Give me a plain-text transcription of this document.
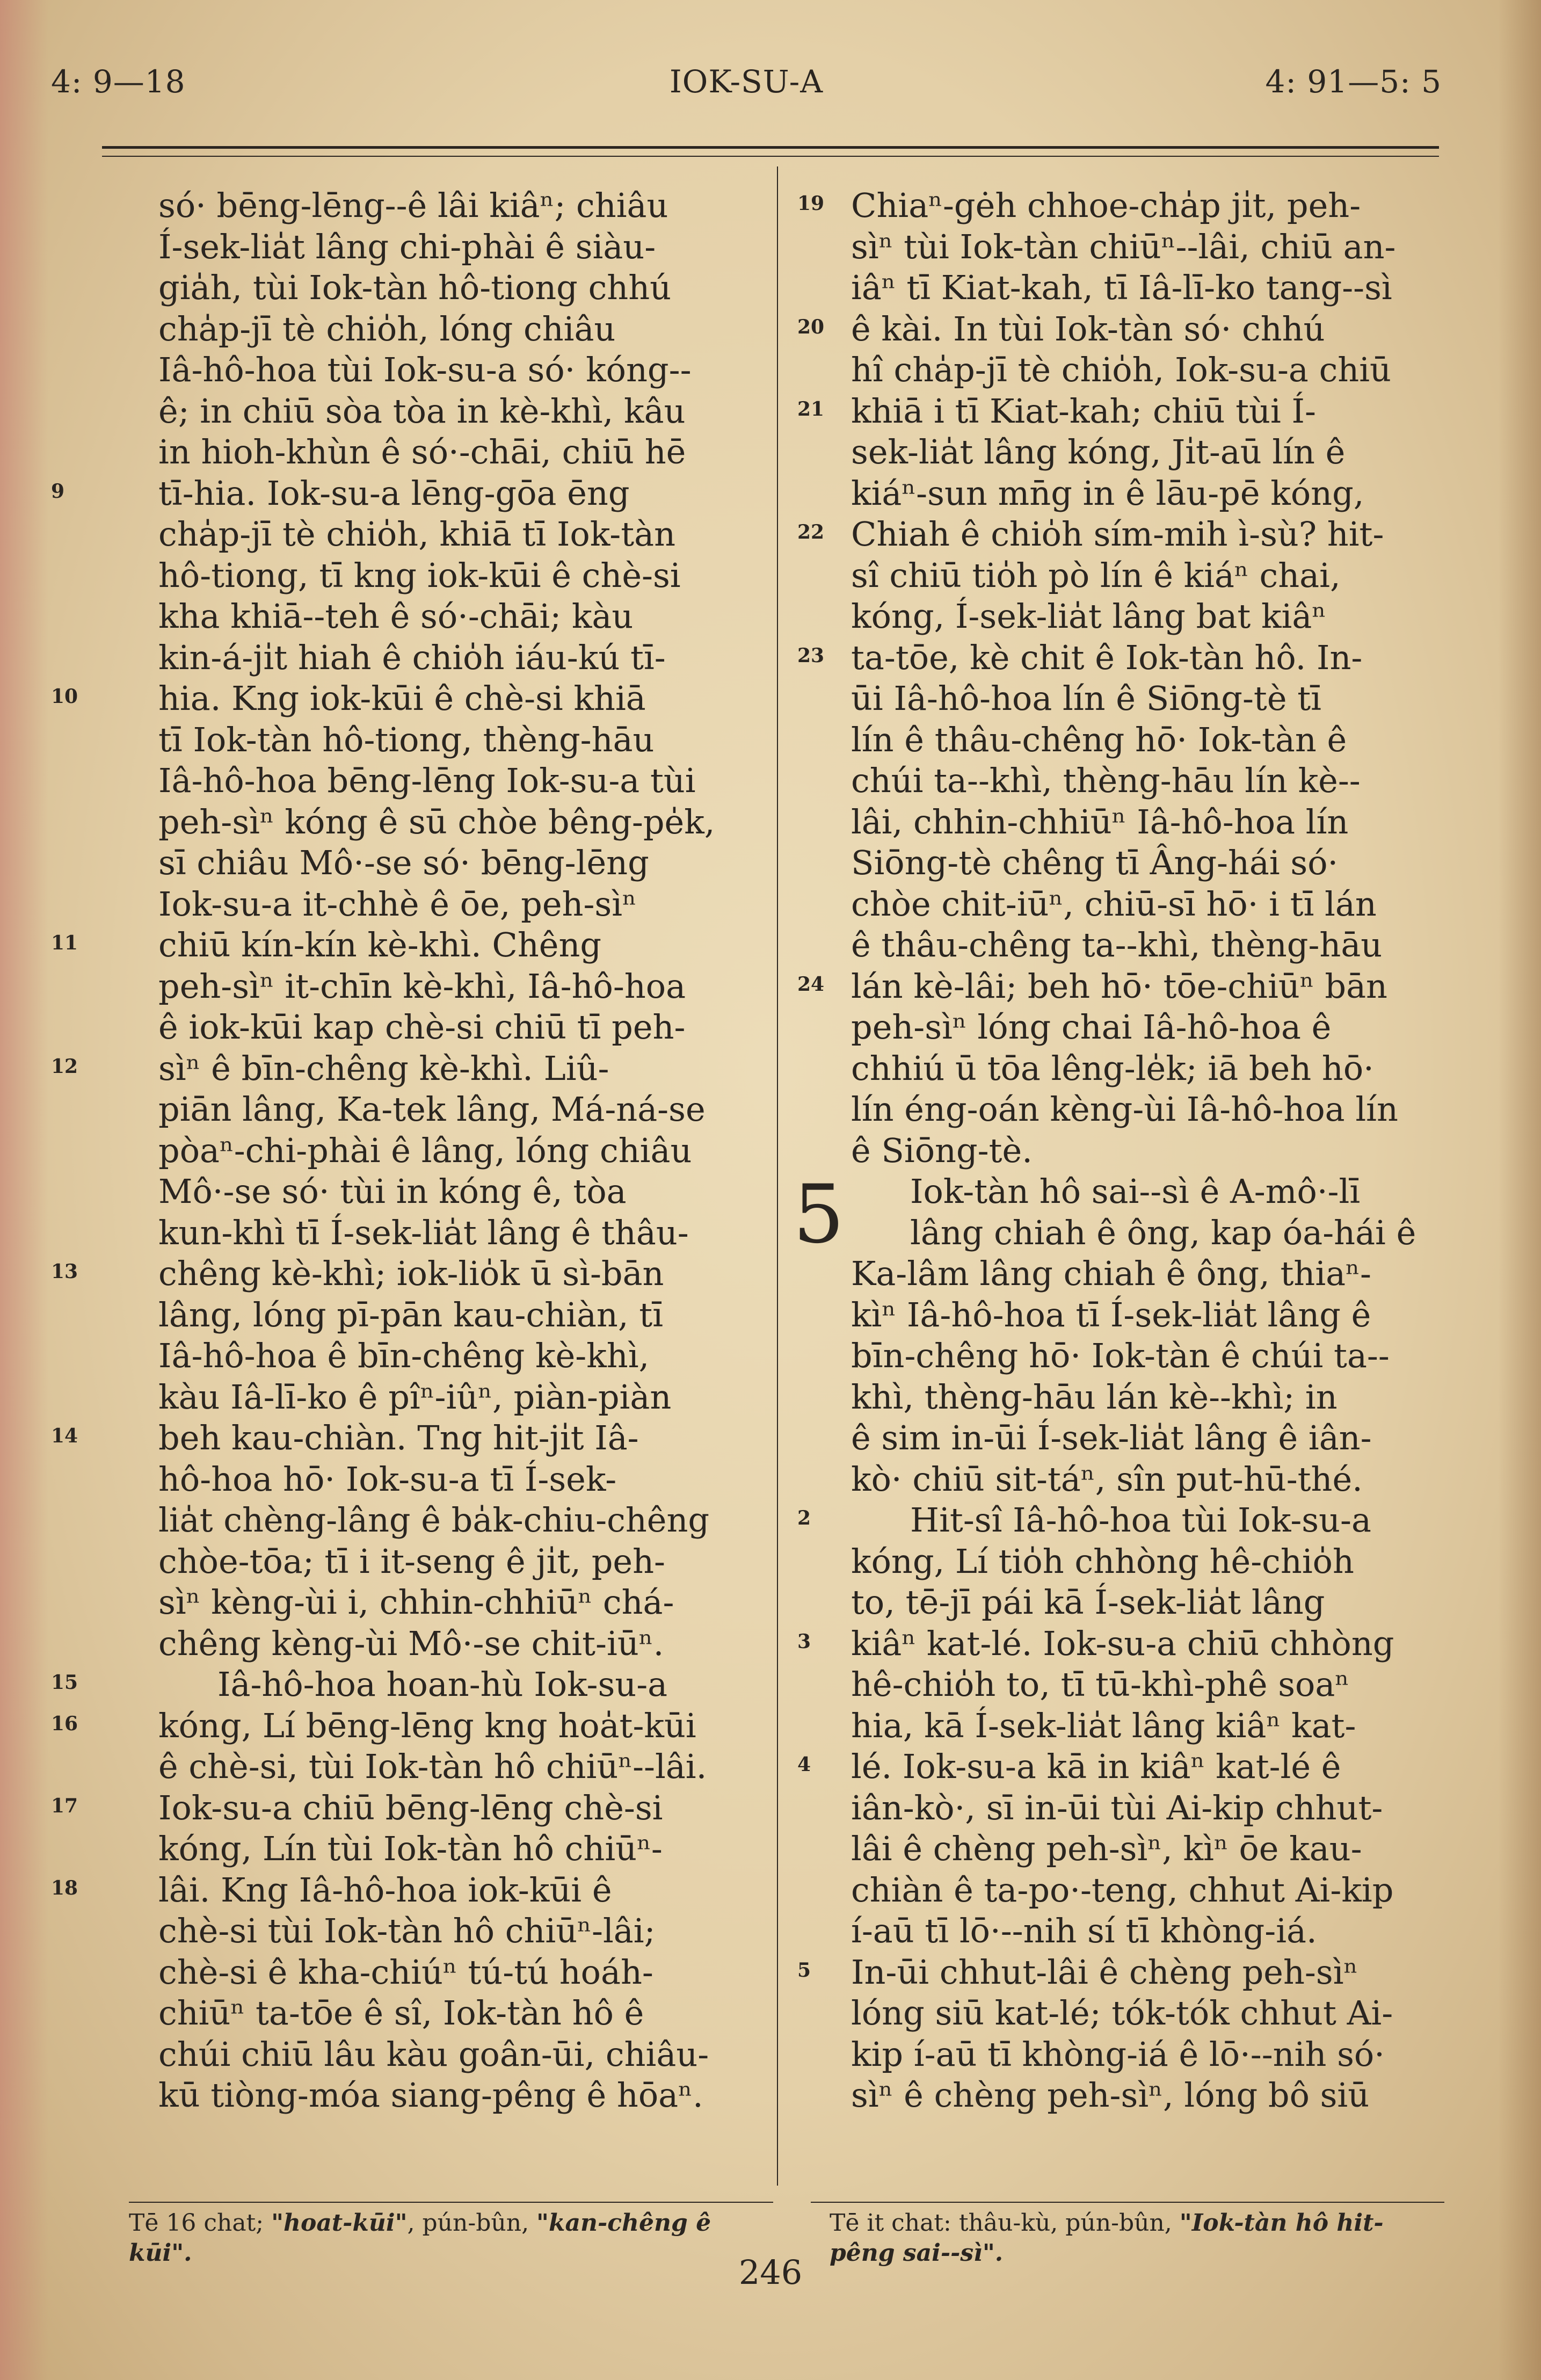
4: 9—18	IOK-SU-A	4: 91—5: 5
só· bēng-lēng--ê lâi kiâⁿ; chiâu
Í-sek-lia̍t lâng chi-phài ê siàu-
gia̍h, tùi Iok-tàn hô-tiong chhú
cha̍p-jī tè chio̍h, lóng chiâu
Iâ-hô-hoa tùi Iok-su-a só· kóng--
ê; in chiū sòa tòa in kè-khì, kâu
in hioh-khùn ê só·-chāi, chiū hē
9	tī-hia. Iok-su-a lēng-gōa ēng
cha̍p-jī tè chio̍h, khiā tī Iok-tàn
hô-tiong, tī kng iok-kūi ê chè-si
kha khiā--teh ê só·-chāi; kàu
kin-á-ji̍t hiah ê chio̍h iáu-kú tī-
10 hia. Kng iok-kūi ê chè-si khiā
tī Iok-tàn hô-tiong, thèng-hāu
Iâ-hô-hoa bēng-lēng Iok-su-a tùi
peh-sìⁿ kóng ê sū chòe bêng-pe̍k,
sī chiâu Mô·-se só· bēng-lēng
Iok-su-a it-chhè ê ōe, peh-sìⁿ
11 chiū kín-kín kè-khì. Chêng
peh-sìⁿ it-chīn kè-khì, Iâ-hô-hoa
ê iok-kūi kap chè-si chiū tī peh-
12 sìⁿ ê bīn-chêng kè-khì. Liû-
piān lâng, Ka-tek lâng, Má-ná-se
pòaⁿ-chi-phài ê lâng, lóng chiâu
Mô·-se só· tùi in kóng ê, tòa
kun-khì tī Í-sek-lia̍t lâng ê thâu-
13 chêng kè-khì; iok-lio̍k ū sì-bān
lâng, lóng pī-pān kau-chiàn, tī
Iâ-hô-hoa ê bīn-chêng kè-khì,
kàu Iâ-lī-ko ê pîⁿ-iûⁿ, piàn-piàn
14 beh kau-chiàn. Tng hit-ji̍t Iâ-
hô-hoa hō· Iok-su-a tī Í-sek-
lia̍t chèng-lâng ê ba̍k-chiu-chêng
chòe-tōa; tī i it-seng ê ji̍t, peh-
sìⁿ kèng-ùi i, chhin-chhiūⁿ chá-
chêng kèng-ùi Mô·-se chit-iūⁿ.
15	Iâ-hô-hoa hoan-hù Iok-su-a
16 kóng, Lí bēng-lēng kng hoa̍t-kūi
ê chè-si, tùi Iok-tàn hô chiūⁿ--lâi.
17 Iok-su-a chiū bēng-lēng chè-si
kóng, Lín tùi Iok-tàn hô chiūⁿ-
18 lâi. Kng Iâ-hô-hoa iok-kūi ê
chè-si tùi Iok-tàn hô chiūⁿ-lâi;
chè-si ê kha-chiúⁿ tú-tú hoáh-
chiūⁿ ta-tōe ê sî, Iok-tàn hô ê
chúi chiū lâu kàu goân-ūi, chiâu-
kū tiòng-móa siang-pêng ê hōaⁿ.
19 Chiaⁿ-gėh chhoe-cha̍p ji̍t, peh-
sìⁿ tùi Iok-tàn chiūⁿ--lâi, chiū an-
iâⁿ tī Kiat-kah, tī Iâ-lī-ko tang--sì
20 ê kài. In tùi Iok-tàn só· chhú
hî cha̍p-jī tè chio̍h, Iok-su-a chiū
21 khiā i tī Kiat-kah; chiū tùi Í-
sek-lia̍t lâng kóng, Ji̍t-aū lín ê
kiáⁿ-sun mn̄g in ê lāu-pē kóng,
22 Chiah ê chio̍h sím-mih ì-sù? hit-
sî chiū tio̍h pò lín ê kiáⁿ chai,
kóng, Í-sek-lia̍t lâng bat kiâⁿ
23 ta-tōe, kè chit ê Iok-tàn hô. In-
ūi Iâ-hô-hoa lín ê Siōng-tè tī
lín ê thâu-chêng hō· Iok-tàn ê
chúi ta--khì, thèng-hāu lín kè--
lâi, chhin-chhiūⁿ Iâ-hô-hoa lín
Siōng-tè chêng tī Âng-hái só·
chòe chit-iūⁿ, chiū-sī hō· i tī lán
ê thâu-chêng ta--khì, thèng-hāu
24 lán kè-lâi; beh hō· tōe-chiūⁿ bān
peh-sìⁿ lóng chai Iâ-hô-hoa ê
chhiú ū tōa lêng-le̍k; iā beh hō·
lín éng-oán kèng-ùi Iâ-hô-hoa lín
ê Siōng-tè.
5 Iok-tàn hô sai--sì ê A-mô·-lī
lâng chiah ê ông, kap óa-hái ê
Ka-lâm lâng chiah ê ông, thiaⁿ-
kìⁿ Iâ-hô-hoa tī Í-sek-lia̍t lâng ê
bīn-chêng hō· Iok-tàn ê chúi ta--
khì, thèng-hāu lán kè--khì; in
ê sim in-ūi Í-sek-lia̍t lâng ê iân-
kò· chiū sit-táⁿ, sîn put-hū-thé.
2	Hit-sî Iâ-hô-hoa tùi Iok-su-a
kóng, Lí tio̍h chhòng hê-chio̍h
to, tē-jī pái kā Í-sek-lia̍t lâng
3	kiâⁿ kat-lé. Iok-su-a chiū chhòng
hê-chio̍h to, tī tū-khì-phê soaⁿ
hia, kā Í-sek-lia̍t lâng kiâⁿ kat-
4	lé. Iok-su-a kā in kiâⁿ kat-lé ê
iân-kò·, sī in-ūi tùi Ai-kip chhut-
lâi ê chèng peh-sìⁿ, kìⁿ ōe kau-
chiàn ê ta-po·-teng, chhut Ai-kip
í-aū tī lō·--nih sí tī khòng-iá.
5	In-ūi chhut-lâi ê chèng peh-sìⁿ
lóng siū kat-lé; tók-tók chhut Ai-
kip í-aū tī khòng-iá ê lō·--nih só·
sìⁿ ê chèng peh-sìⁿ, lóng bô siū
Tē 16 chat; "hoat-kūi", pún-bûn, "kan-chêng ê kūi".
Tē it chat: thâu-kù, pún-bûn, "Iok-tàn hô hit-pêng sai--sì".
246
